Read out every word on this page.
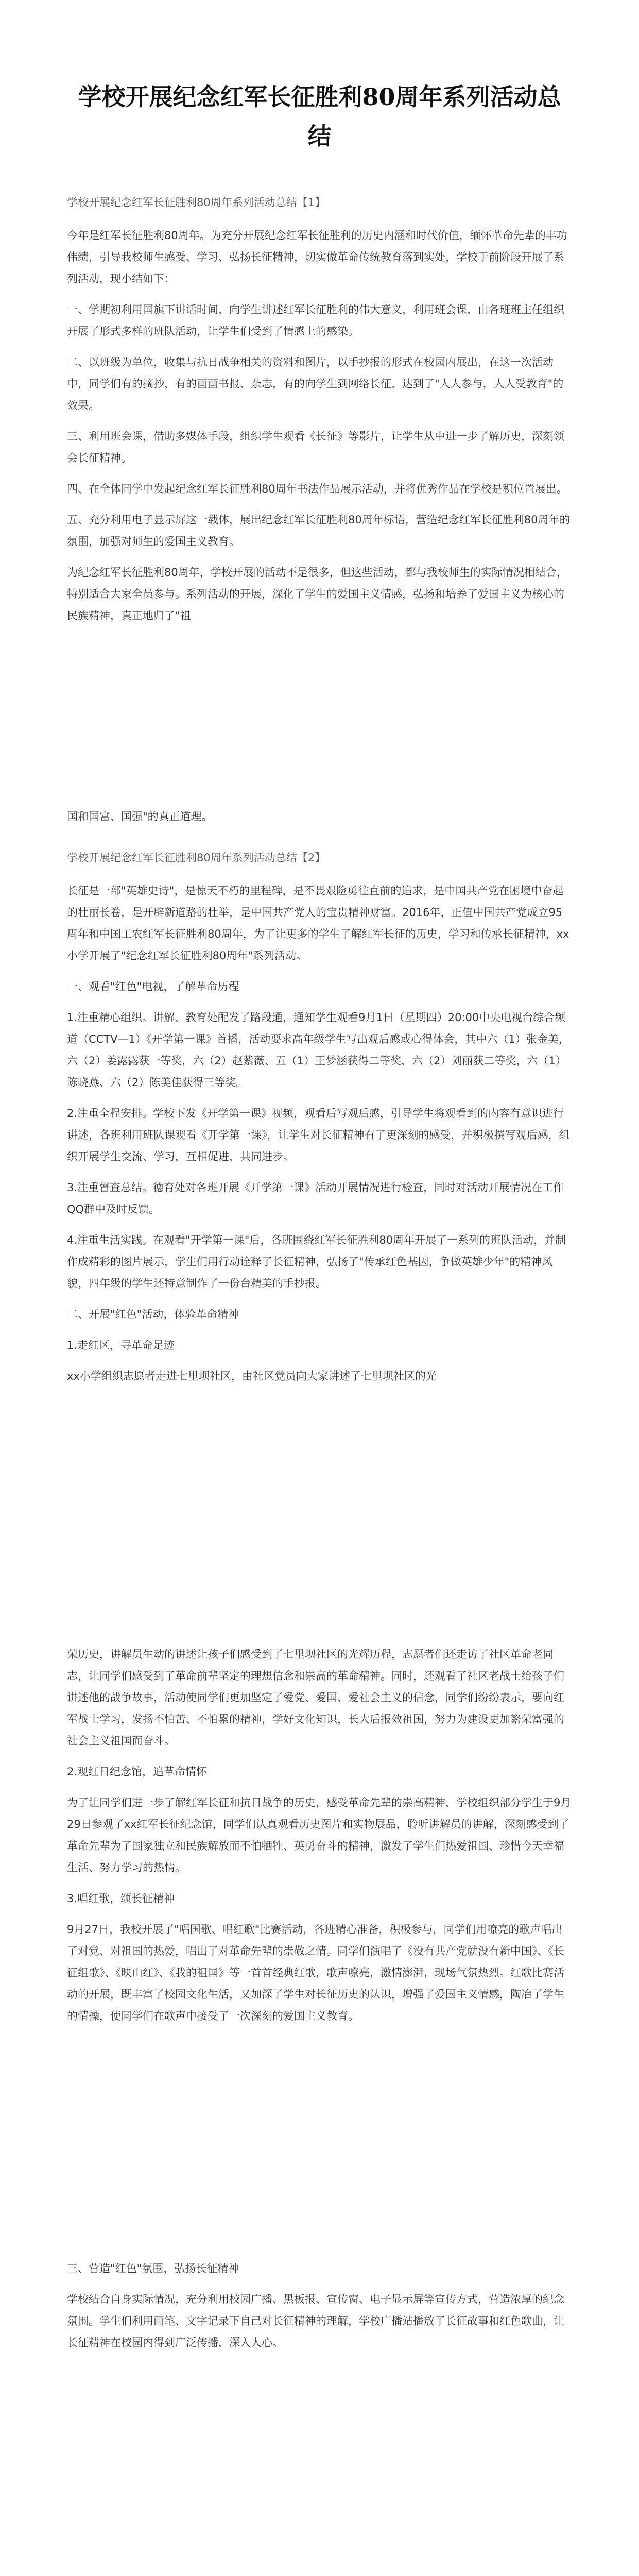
学校开展纪念红军长征胜利80周年系列活动总结

学校开展纪念红军长征胜利80周年系列活动总结【1】

今年是红军长征胜利80周年。为充分开展纪念红军长征胜利的历史内涵和时代价值，缅怀革命先辈的丰功伟绩，引导我校师生感受、学习、弘扬长征精神，切实做革命传统教育落到实处，学校于前阶段开展了系列活动，现小结如下：

一、学期初利用国旗下讲话时间，向学生讲述红军长征胜利的伟大意义，利用班会课，由各班班主任组织开展了形式多样的班队活动，让学生们受到了情感上的感染。

二、以班级为单位，收集与抗日战争相关的资料和图片，以手抄报的形式在校园内展出，在这一次活动中，同学们有的摘抄，有的画画书报、杂志，有的向学生到网络长征，达到了"人人参与，人人受教育"的效果。

三、利用班会课，借助多媒体手段，组织学生观看《长征》等影片，让学生从中进一步了解历史，深刻领会长征精神。

四、在全体同学中发起纪念红军长征胜利80周年书法作品展示活动，并将优秀作品在学校是积位置展出。

五、充分利用电子显示屏这一载体，展出纪念红军长征胜利80周年标语，营造纪念红军长征胜利80周年的氛围，加强对师生的爱国主义教育。

为纪念红军长征胜利80周年，学校开展的活动不是很多，但这些活动，都与我校师生的实际情况相结合，特别适合大家全员参与。系列活动的开展，深化了学生的爱国主义情感，弘扬和培养了爱国主义为核心的民族精神，真正地归了"祖

国和国富、国强"的真正道理。

学校开展纪念红军长征胜利80周年系列活动总结【2】

长征是一部"英雄史诗"，是惊天不朽的里程碑，是不畏艰险勇往直前的追求，是中国共产党在困境中奋起的壮丽长卷，是开辟新道路的壮举，是中国共产党人的宝贵精神财富。2016年，正值中国共产党成立95周年和中国工农红军长征胜利80周年，为了让更多的学生了解红军长征的历史，学习和传承长征精神，xx小学开展了"纪念红军长征胜利80周年"系列活动。

一、观看"红色"电视，了解革命历程

1.注重精心组织。讲解、教育处配发了路段通，通知学生观看9月1日（星期四）20:00中央电视台综合频道（CCTV—1）《开学第一课》首播，活动要求高年级学生写出观后感或心得体会，其中六（1）张金美，六（2）姜露露获一等奖，六（2）赵紫薇、五（1）王梦涵获得二等奖，六（2）刘丽获二等奖，六（1）陈晓燕、六（2）陈美佳获得三等奖。

2.注重全程安排。学校下发《开学第一课》视频，观看后写观后感，引导学生将观看到的内容有意识进行讲述，各班利用班队课观看《开学第一课》，让学生对长征精神有了更深刻的感受，并积极撰写观后感，组织开展学生交流、学习，互相促进，共同进步。

3.注重督查总结。德育处对各班开展《开学第一课》活动开展情况进行检查，同时对活动开展情况在工作QQ群中及时反馈。

4.注重生活实践。在观看"开学第一课"后，各班围绕红军长征胜利80周年开展了一系列的班队活动，并制作成精彩的图片展示，学生们用行动诠释了长征精神，弘扬了"传承红色基因，争做英雄少年"的精神风貌，四年级的学生还特意制作了一份台精美的手抄报。

二、开展"红色"活动，体验革命精神

1.走红区，寻革命足迹

xx小学组织志愿者走进七里坝社区，由社区党员向大家讲述了七里坝社区的光

荣历史，讲解员生动的讲述让孩子们感受到了七里坝社区的光辉历程，志愿者们还走访了社区革命老同志，让同学们感受到了革命前辈坚定的理想信念和崇高的革命精神。同时，还观看了社区老战士给孩子们讲述他的战争故事，活动使同学们更加坚定了爱党、爱国、爱社会主义的信念，同学们纷纷表示，要向红军战士学习，发扬不怕苦、不怕累的精神，学好文化知识，长大后报效祖国，努力为建设更加繁荣富强的社会主义祖国而奋斗。

2.观红日纪念馆，追革命情怀

为了让同学们进一步了解红军长征和抗日战争的历史，感受革命先辈的崇高精神，学校组织部分学生于9月29日参观了xx红军长征纪念馆，同学们认真观看历史图片和实物展品，聆听讲解员的讲解，深刻感受到了革命先辈为了国家独立和民族解放而不怕牺牲、英勇奋斗的精神，激发了学生们热爱祖国、珍惜今天幸福生活、努力学习的热情。

3.唱红歌，颂长征精神

9月27日，我校开展了"唱国歌、唱红歌"比赛活动，各班精心准备，积极参与，同学们用嘹亮的歌声唱出了对党、对祖国的热爱，唱出了对革命先辈的崇敬之情。同学们演唱了《没有共产党就没有新中国》、《长征组歌》、《映山红》、《我的祖国》等一首首经典红歌，歌声嘹亮，激情澎湃，现场气氛热烈。红歌比赛活动的开展，既丰富了校园文化生活，又加深了学生对长征历史的认识，增强了爱国主义情感，陶冶了学生的情操，使同学们在歌声中接受了一次深刻的爱国主义教育。

三、营造"红色"氛围，弘扬长征精神

学校结合自身实际情况，充分利用校园广播、黑板报、宣传窗、电子显示屏等宣传方式，营造浓厚的纪念氛围。学生们利用画笔、文字记录下自己对长征精神的理解，学校广播站播放了长征故事和红色歌曲，让长征精神在校园内得到广泛传播，深入人心。
